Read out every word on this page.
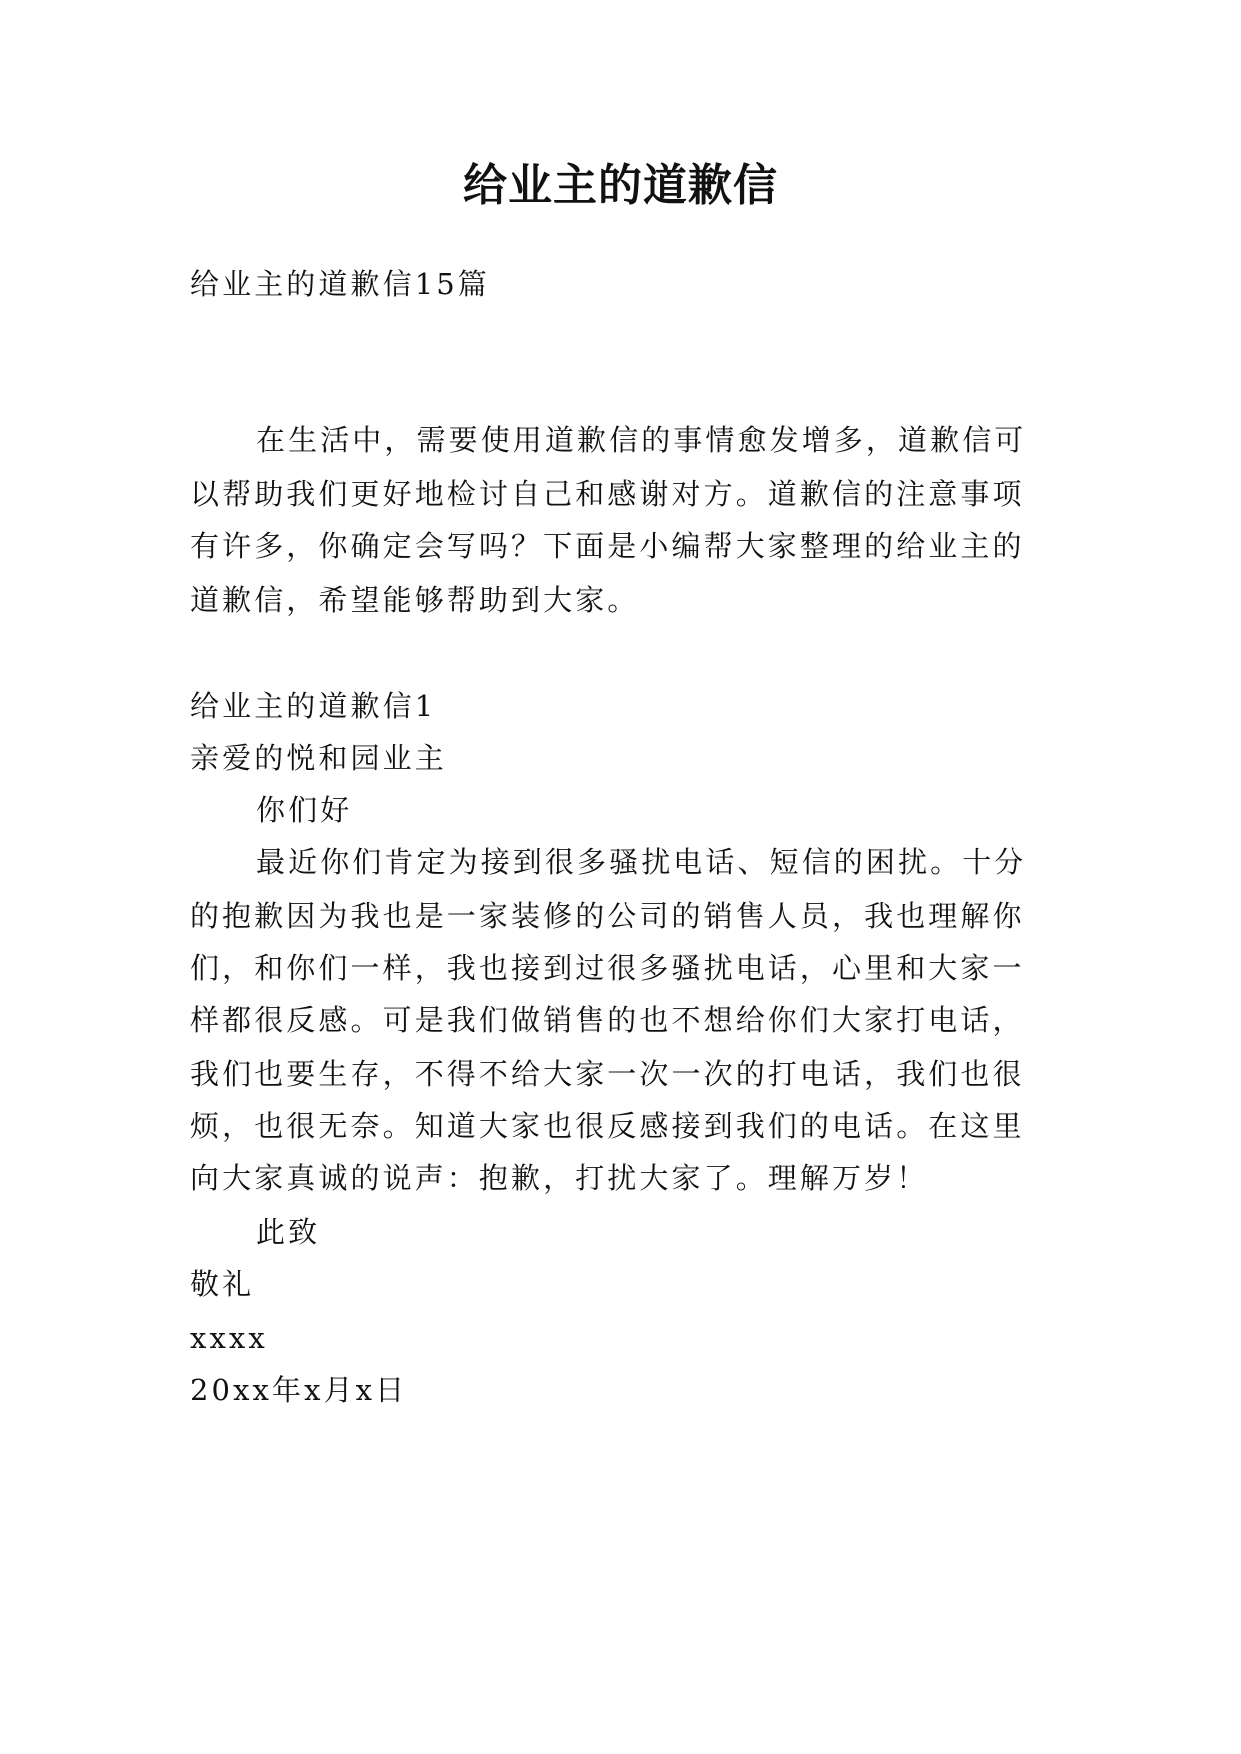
给业主的道歉信
给业主的道歉信15篇
在生活中，需要使用道歉信的事情愈发增多，道歉信可
以帮助我们更好地检讨自己和感谢对方。道歉信的注意事项
有许多，你确定会写吗？下面是小编帮大家整理的给业主的
道歉信，希望能够帮助到大家。
给业主的道歉信1
亲爱的悦和园业主
你们好
最近你们肯定为接到很多骚扰电话、短信的困扰。十分
的抱歉因为我也是一家装修的公司的销售人员，我也理解你
们，和你们一样，我也接到过很多骚扰电话，心里和大家一
样都很反感。可是我们做销售的也不想给你们大家打电话，
我们也要生存，不得不给大家一次一次的打电话，我们也很
烦，也很无奈。知道大家也很反感接到我们的电话。在这里
向大家真诚的说声：抱歉，打扰大家了。理解万岁！
此致
敬礼
xxxx
20xx年x月x日
